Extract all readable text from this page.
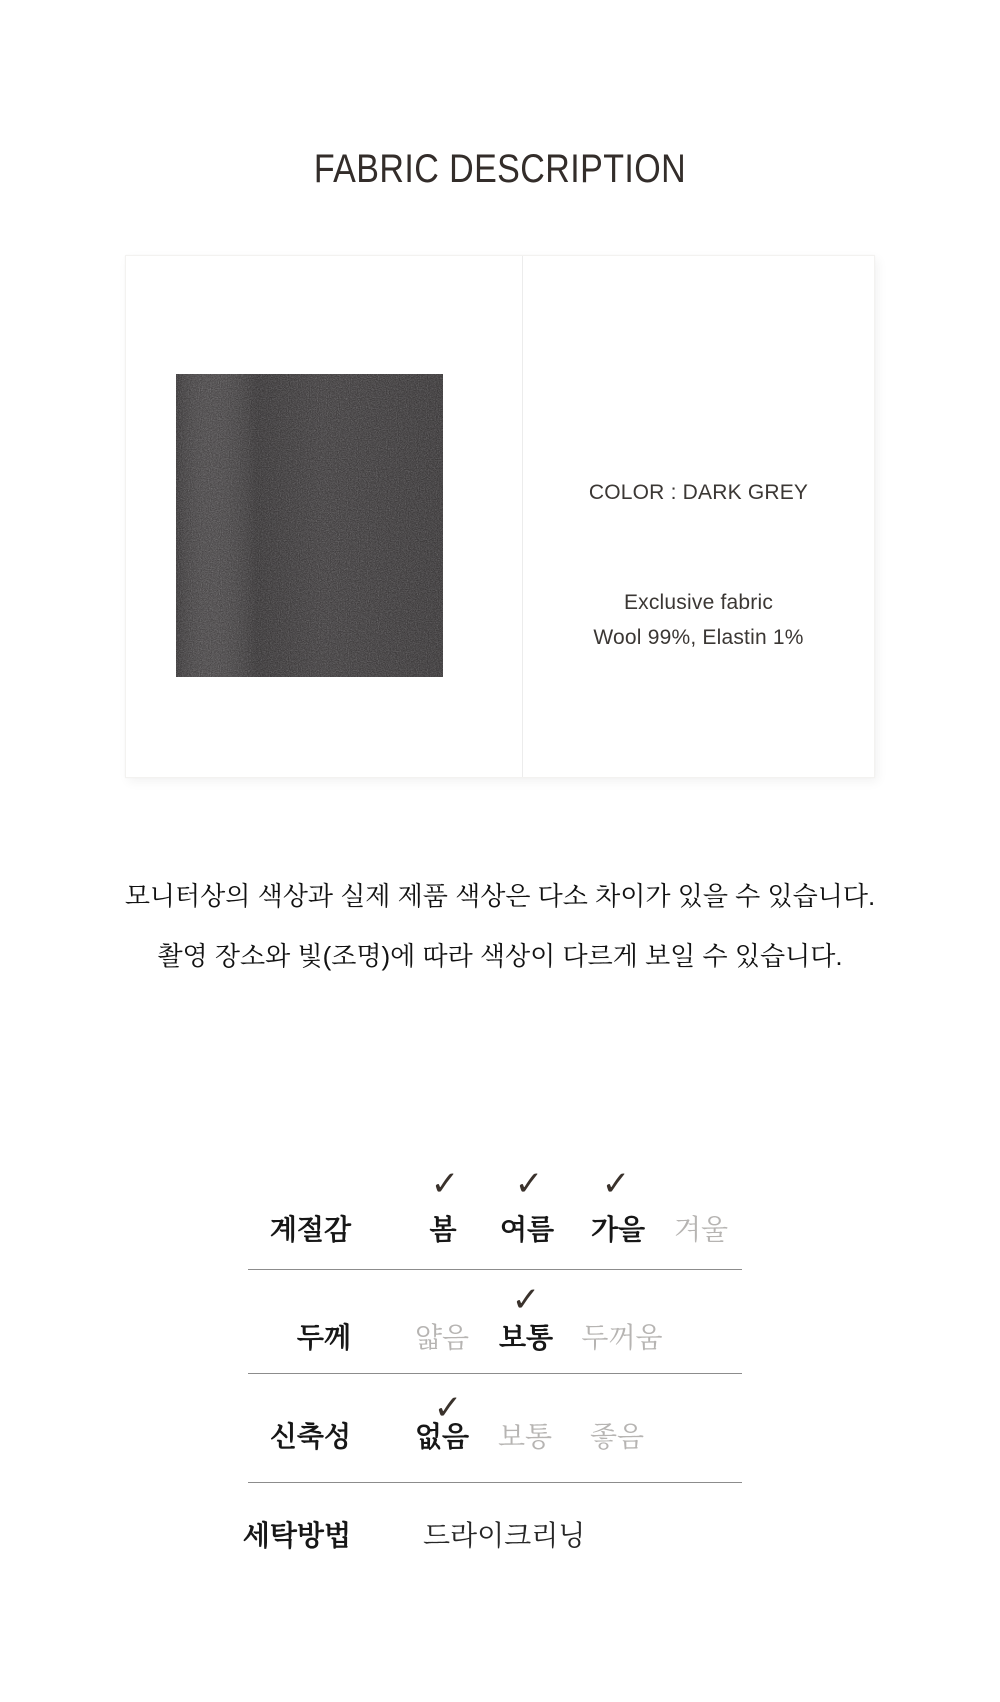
FABRIC DESCRIPTION
COLOR : DARK GREY
Exclusive fabric
Wool 99%, Elastin 1%
모니터상의 색상과 실제 제품 색상은 다소 차이가 있을 수 있습니다.
촬영 장소와 빛(조명)에 따라 색상이 다르게 보일 수 있습니다.
✓ ✓ ✓
계절감	봄 여름 가을 겨울
✓
두께 얇음 보통 두꺼움
✓
신축성 없음 보통 좋음
세탁방법	드라이크리닝
